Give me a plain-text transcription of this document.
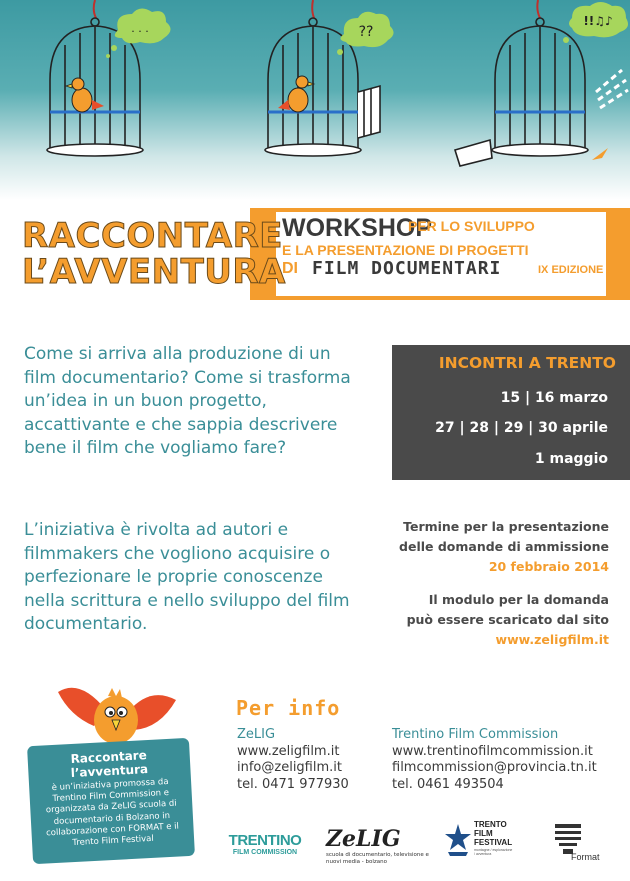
. . .	??
!!♫♪
RACCONTARE
L’AVVENTURA
WORKSHOP
PER LO SVILUPPO
E LA PRESENTAZIONE DI PROGETTI
DI FILM DOCUMENTARI	IX EDIZIONE

Come si arriva alla produzione di un film documentario? Come si trasforma un’idea in un buon progetto, accattivante e che sappia descrivere bene il film che vogliamo fare?

L’iniziativa è rivolta ad autori e filmmakers che vogliono acquisire o perfezionare le proprie conoscenze nella scrittura e nello sviluppo del film documentario.

INCONTRI A TRENTO
15 | 16 marzo
27 | 28 | 29 | 30 aprile
1 maggio
Termine per la presentazione
delle domande di ammissione
20 febbraio 2014
Il modulo per la domanda
può essere scaricato dal sito
www.zeligfilm.it
Raccontare l’avventura
è un’iniziativa promossa da Trentino Film Commission e organizzata da ZeLIG scuola di documentario di Bolzano in collaborazione con FORMAT e il Trento Film Festival
Per info
ZeLIG
www.zeligfilm.it
info@zeligfilm.it
tel. 0471 977930
Trentino Film Commission
www.trentinofilmcommission.it
filmcommission@provincia.tn.it
tel. 0461 493504
TRENTINO
FILM COMMISSION
ZeLIG
scuola di documentario, televisione e nuovi media - bolzano
TRENTO
FILM
FESTIVAL
montagne / esplorazione / avventura	Format
